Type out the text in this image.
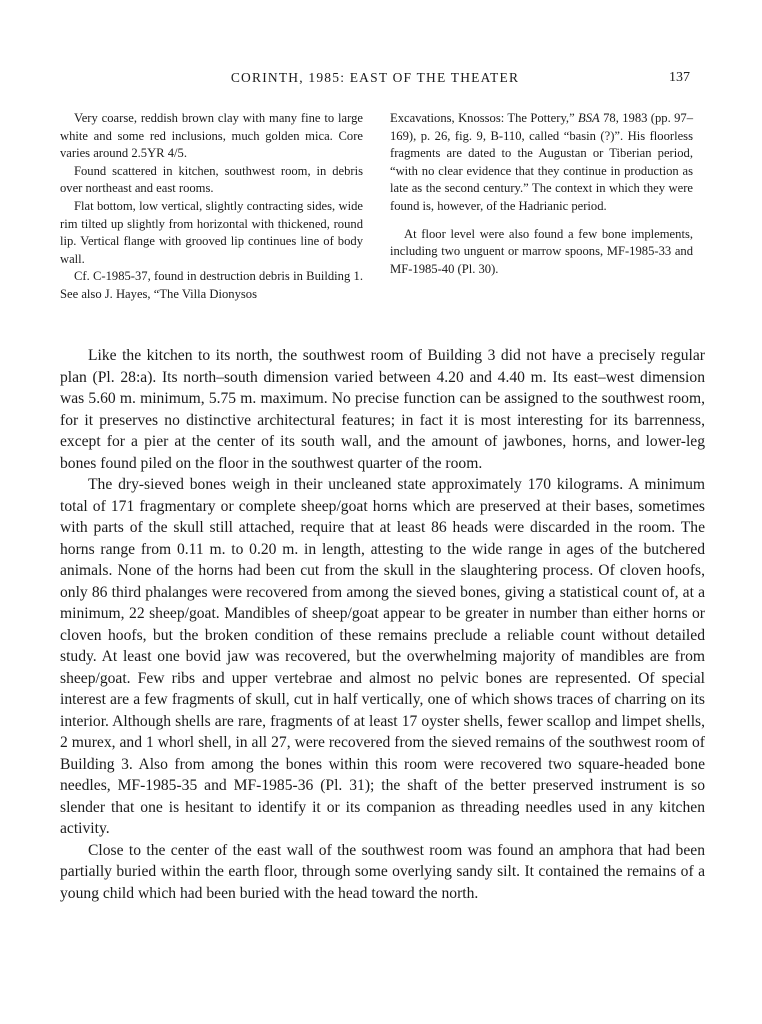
CORINTH, 1985: EAST OF THE THEATER	137

Very coarse, reddish brown clay with many fine to large white and some red inclusions, much golden mica. Core varies around 2.5YR 4/5.

Found scattered in kitchen, southwest room, in debris over northeast and east rooms.

Flat bottom, low vertical, slightly contracting sides, wide rim tilted up slightly from horizontal with thickened, round lip. Vertical flange with grooved lip continues line of body wall.

Cf. C-1985-37, found in destruction debris in Building 1. See also J. Hayes, “The Villa Dionysos

Excavations, Knossos: The Pottery,” BSA 78, 1983 (pp. 97–169), p. 26, fig. 9, B-110, called “basin (?)”. His floorless fragments are dated to the Augustan or Tiberian period, “with no clear evidence that they continue in production as late as the second century.” The context in which they were found is, however, of the Hadrianic period.

At floor level were also found a few bone implements, including two unguent or marrow spoons, MF-1985-33 and MF-1985-40 (Pl. 30).

Like the kitchen to its north, the southwest room of Building 3 did not have a precisely regular plan (Pl. 28:a). Its north–south dimension varied between 4.20 and 4.40 m. Its east–west dimension was 5.60 m. minimum, 5.75 m. maximum. No precise function can be assigned to the southwest room, for it preserves no distinctive architectural features; in fact it is most interesting for its barrenness, except for a pier at the center of its south wall, and the amount of jawbones, horns, and lower-leg bones found piled on the floor in the southwest quarter of the room.

The dry-sieved bones weigh in their uncleaned state approximately 170 kilograms. A minimum total of 171 fragmentary or complete sheep/goat horns which are preserved at their bases, sometimes with parts of the skull still attached, require that at least 86 heads were discarded in the room. The horns range from 0.11 m. to 0.20 m. in length, attesting to the wide range in ages of the butchered animals. None of the horns had been cut from the skull in the slaughtering process. Of cloven hoofs, only 86 third phalanges were recovered from among the sieved bones, giving a statistical count of, at a minimum, 22 sheep/goat. Mandibles of sheep/goat appear to be greater in number than either horns or cloven hoofs, but the broken condition of these remains preclude a reliable count without detailed study. At least one bovid jaw was recovered, but the overwhelming majority of mandibles are from sheep/goat. Few ribs and upper vertebrae and almost no pelvic bones are represented. Of special interest are a few fragments of skull, cut in half vertically, one of which shows traces of charring on its interior. Although shells are rare, fragments of at least 17 oyster shells, fewer scallop and limpet shells, 2 murex, and 1 whorl shell, in all 27, were recovered from the sieved remains of the southwest room of Building 3. Also from among the bones within this room were recovered two square-headed bone needles, MF-1985-35 and MF-1985-36 (Pl. 31); the shaft of the better preserved instrument is so slender that one is hesitant to identify it or its companion as threading needles used in any kitchen activity.

Close to the center of the east wall of the southwest room was found an amphora that had been partially buried within the earth floor, through some overlying sandy silt. It contained the remains of a young child which had been buried with the head toward the north.
